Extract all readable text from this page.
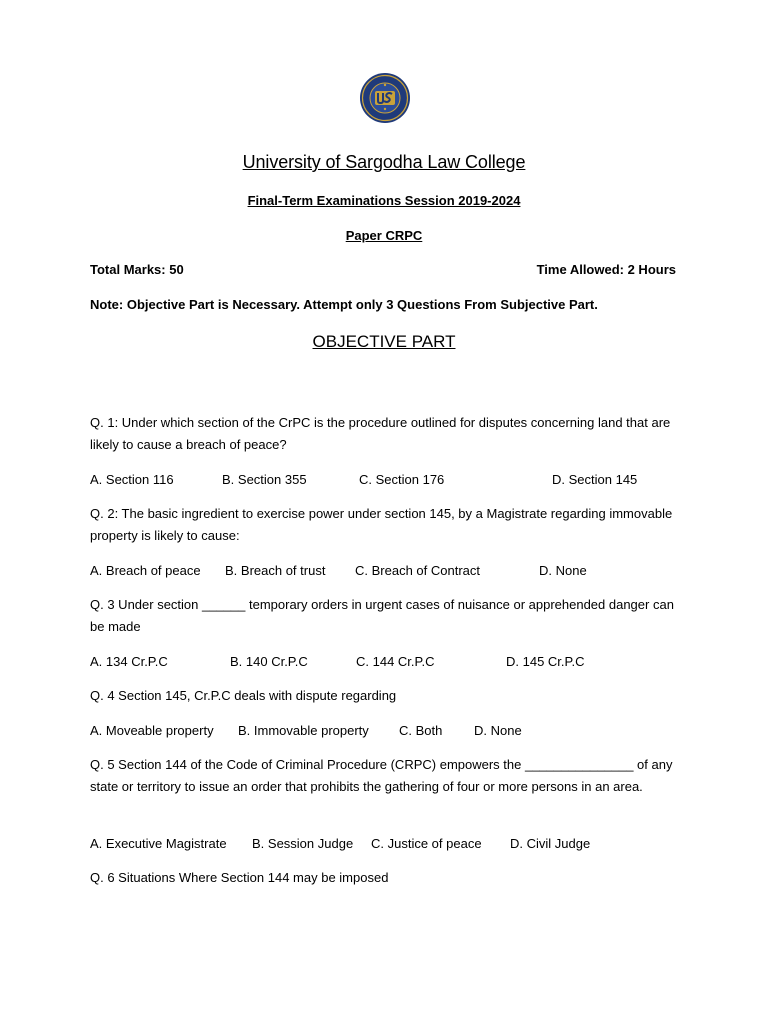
University of Sargodha Law College
Final-Term Examinations Session 2019-2024
Paper CRPC
Total Marks: 50	Time Allowed: 2 Hours
Note: Objective Part is Necessary. Attempt only 3 Questions From Subjective Part.
OBJECTIVE PART
Q. 1: Under which section of the CrPC is the procedure outlined for disputes concerning land that are likely to cause a breach of peace?
A. Section 116	B. Section 355	C. Section 176	D. Section 145
Q. 2: The basic ingredient to exercise power under section 145, by a Magistrate regarding immovable property is likely to cause:
A. Breach of peace B. Breach of trust C. Breach of Contract	D. None
Q. 3 Under section ______ temporary orders in urgent cases of nuisance or apprehended danger can be made
A. 134 Cr.P.C	B. 140 Cr.P.C	C. 144 Cr.P.C	D. 145 Cr.P.C
Q. 4 Section 145, Cr.P.C deals with dispute regarding
A. Moveable property B. Immovable property C. Both D. None
Q. 5 Section 144 of the Code of Criminal Procedure (CRPC) empowers the _______________ of any state or territory to issue an order that prohibits the gathering of four or more persons in an area.
A. Executive Magistrate B. Session Judge C. Justice of peace D. Civil Judge
Q. 6 Situations Where Section 144 may be imposed
